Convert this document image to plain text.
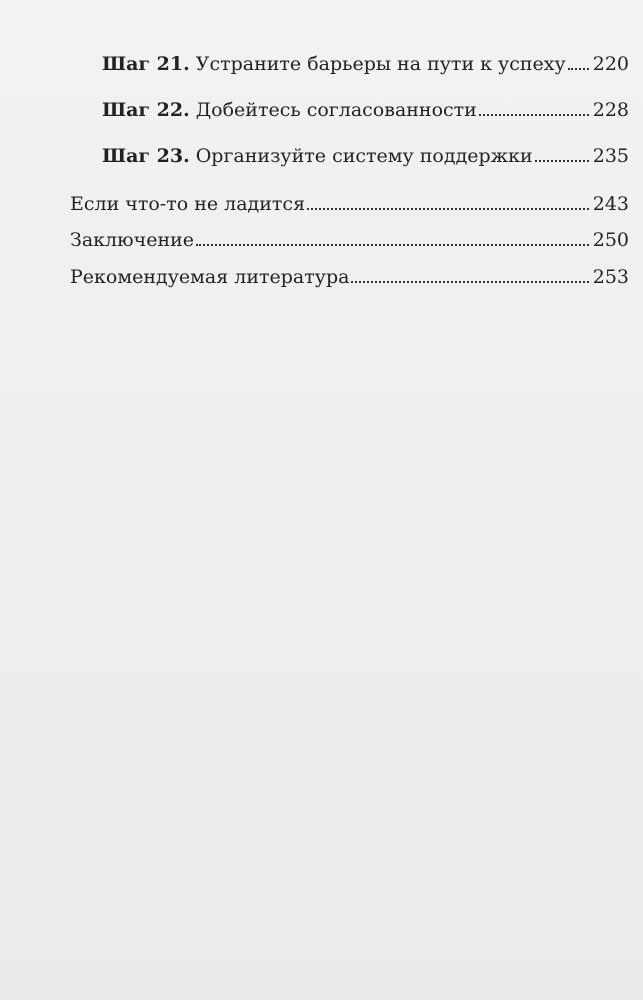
Шаг 21. Устраните барьеры на пути к успеху 220
Шаг 22. Добейтесь согласованности	228
Шаг 23. Организуйте систему поддержки	235
Если что-то не ладится	243
Заключение	250
Рекомендуемая литература	253
